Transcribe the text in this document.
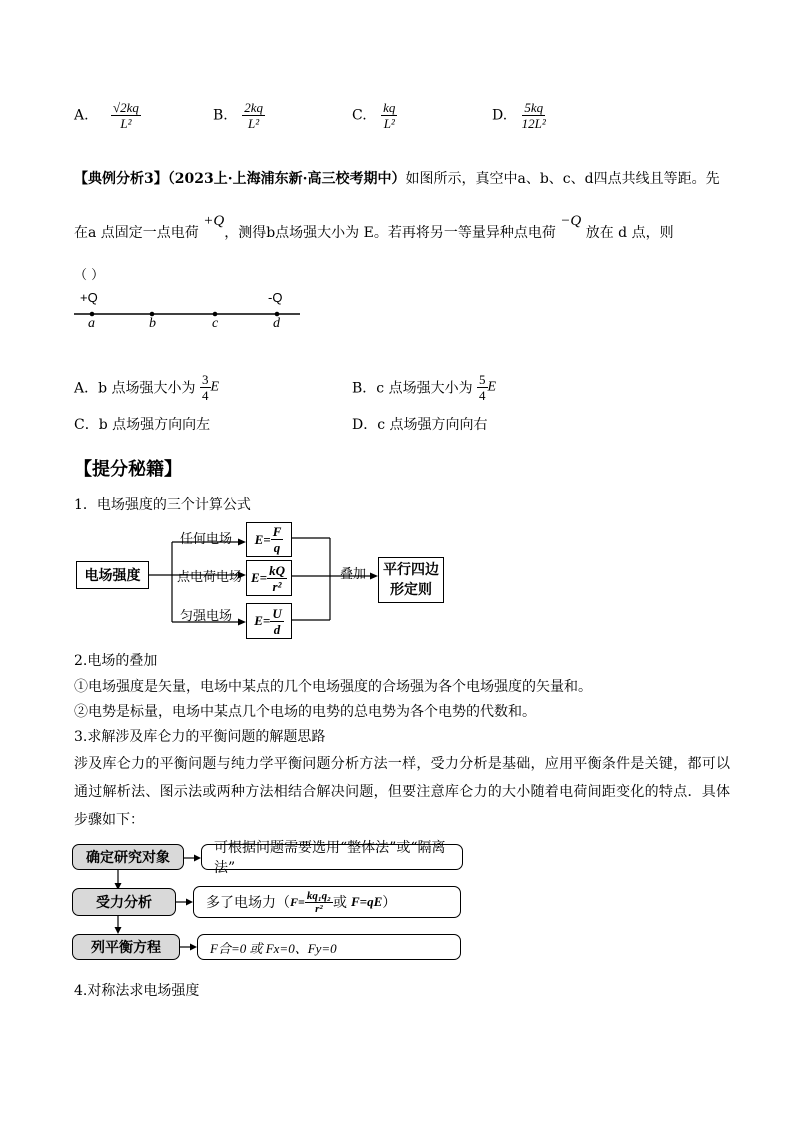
A. $\frac{√2kq}{\text{L²}}$	B. $\frac{2kq}{\text{L²}}$	C. $\frac{kq}{\text{L²}}$	D. $\frac{5kq}{\text{12L²}}$
【典例分析3】（2023上·上海浦东新·高三校考期中）如图所示，真空中a、b、c、d四点共线且等距。先
在a 点固定一点电荷 +Q，测得b点场强大小为 E。若再将另一等量异种点电荷 −Q 放在 d 点，则
（ ）
+Q	-Q
a	b	c	d
A．b 点场强大小为 $\frac{3}{4}$ E	B．c 点场强大小为 $\frac{5}{4}$ E
C．b 点场强方向向左	D．c 点场强方向向右
【提分秘籍】
1．电场强度的三个计算公式
电场强度
任何电场
点电荷电场
匀强电场
$E= \frac{F}{q}$
$E= \frac{kQ}{\text{r²}}$
$E= \frac{U}{d}$
叠加 平行四边
形定则
2.电场的叠加
①电场强度是矢量，电场中某点的几个电场强度的合场强为各个电场强度的矢量和。
②电势是标量，电场中某点几个电场的电势的总电势为各个电势的代数和。
3.求解涉及库仑力的平衡问题的解题思路
涉及库仑力的平衡问题与纯力学平衡问题分析方法一样，受力分析是基础，应用平衡条件是关键，都可以通过解析法、图示法或两种方法相结合解决问题，但要注意库仑力的大小随着电荷间距变化的特点．具体步骤如下：
确定研究对象
可根据问题需要选用“整体法”或“隔离法”
受力分析	多了电场力（ $F= \frac{\text{kq₁q₂}}{\text{r²}}$ 或 F=qE ）
列平衡方程	F合=0 或 Fx=0、Fy=0
4.对称法求电场强度
